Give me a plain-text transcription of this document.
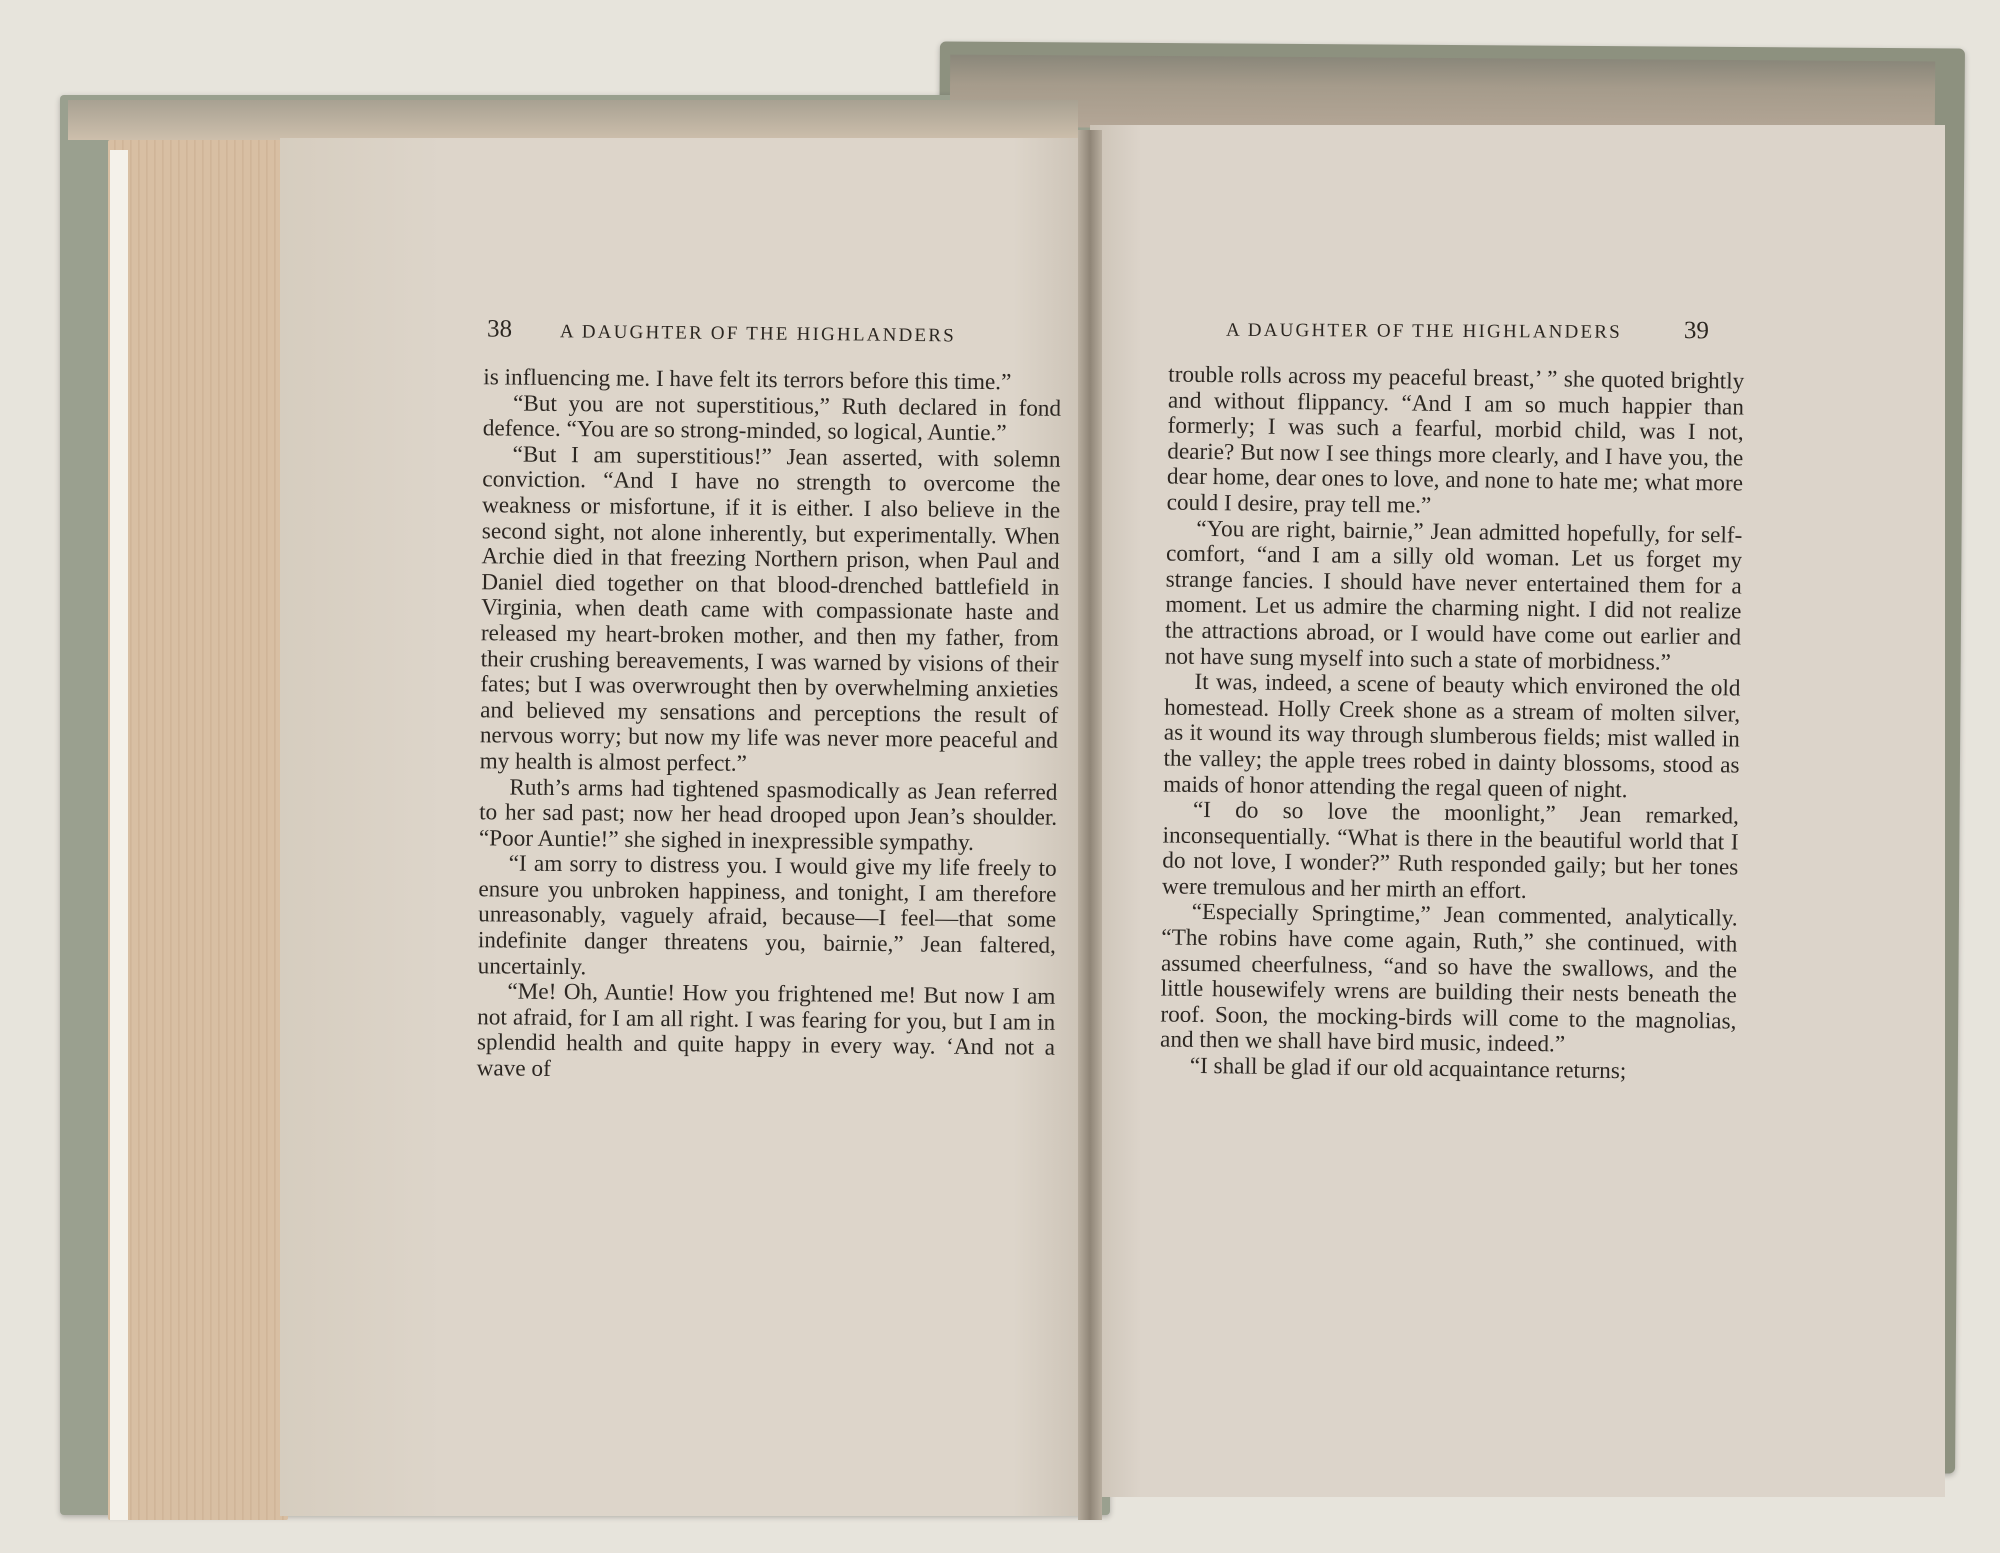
38	A DAUGHTER OF THE HIGHLANDERS

is influencing me. I have felt its terrors before this time.”

“But you are not superstitious,” Ruth declared in fond defence. “You are so strong-minded, so logical, Auntie.”

“But I am superstitious!” Jean asserted, with solemn conviction. “And I have no strength to overcome the weakness or misfortune, if it is either. I also believe in the second sight, not alone inherently, but experimentally. When Archie died in that freezing Northern prison, when Paul and Daniel died together on that blood-drenched battlefield in Virginia, when death came with compassionate haste and released my heart-broken mother, and then my father, from their crushing bereavements, I was warned by visions of their fates; but I was overwrought then by overwhelming anxieties and believed my sensations and perceptions the result of nervous worry; but now my life was never more peaceful and my health is almost perfect.”

Ruth’s arms had tightened spasmodically as Jean referred to her sad past; now her head drooped upon Jean’s shoulder. “Poor Auntie!” she sighed in inexpressible sympathy.

“I am sorry to distress you. I would give my life freely to ensure you unbroken happiness, and tonight, I am therefore unreasonably, vaguely afraid, because—I feel—that some indefinite danger threatens you, bairnie,” Jean faltered, uncertainly.

“Me! Oh, Auntie! How you frightened me! But now I am not afraid, for I am all right. I was fearing for you, but I am in splendid health and quite happy in every way. ‘And not a wave of

A DAUGHTER OF THE HIGHLANDERS 39

trouble rolls across my peaceful breast,’ ” she quoted brightly and without flippancy. “And I am so much happier than formerly; I was such a fearful, morbid child, was I not, dearie? But now I see things more clearly, and I have you, the dear home, dear ones to love, and none to hate me; what more could I desire, pray tell me.”

“You are right, bairnie,” Jean admitted hopefully, for self-comfort, “and I am a silly old woman. Let us forget my strange fancies. I should have never entertained them for a moment. Let us admire the charming night. I did not realize the attractions abroad, or I would have come out earlier and not have sung myself into such a state of morbidness.”

It was, indeed, a scene of beauty which environed the old homestead. Holly Creek shone as a stream of molten silver, as it wound its way through slumberous fields; mist walled in the valley; the apple trees robed in dainty blossoms, stood as maids of honor attending the regal queen of night.

“I do so love the moonlight,” Jean remarked, inconsequentially. “What is there in the beautiful world that I do not love, I wonder?” Ruth responded gaily; but her tones were tremulous and her mirth an effort.

“Especially Springtime,” Jean commented, analytically. “The robins have come again, Ruth,” she continued, with assumed cheerfulness, “and so have the swallows, and the little housewifely wrens are building their nests beneath the roof. Soon, the mocking-birds will come to the magnolias, and then we shall have bird music, indeed.”

“I shall be glad if our old acquaintance returns;
